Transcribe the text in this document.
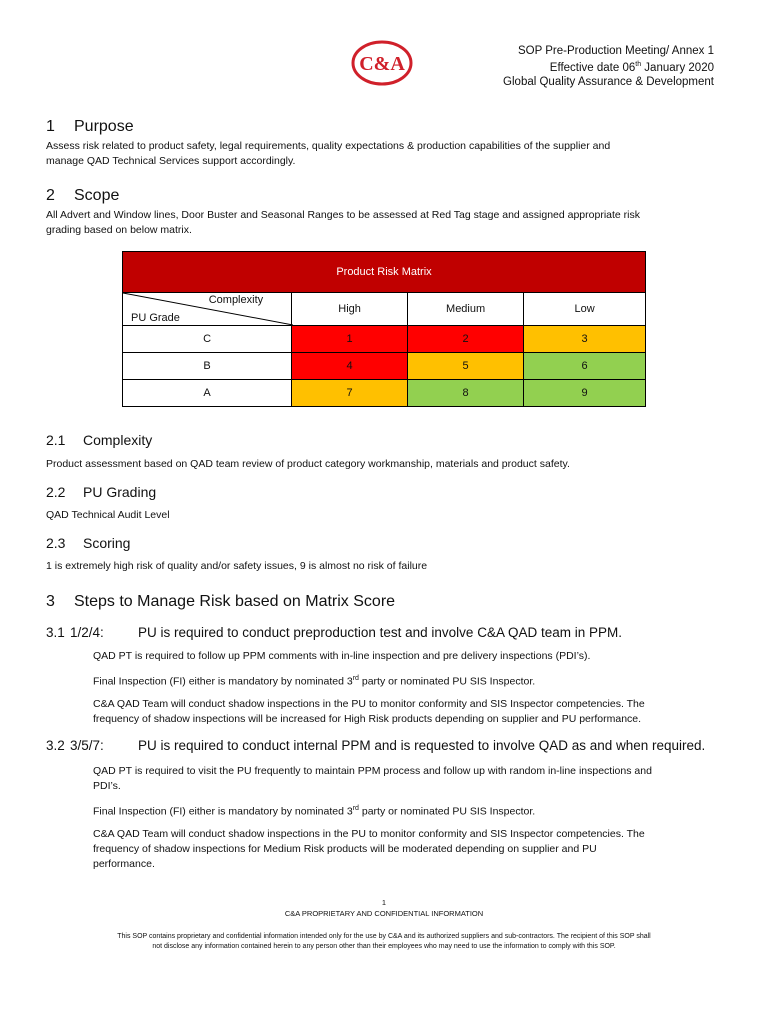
C&A
SOP Pre-Production Meeting/ Annex 1
Effective date 06th January 2020
Global Quality Assurance & Development
1 Purpose
Assess risk related to product safety, legal requirements, quality expectations & production capabilities of the supplier and
manage QAD Technical Services support accordingly.
2 Scope
All Advert and Window lines, Door Buster and Seasonal Ranges to be assessed at Red Tag stage and assigned appropriate risk
grading based on below matrix.
Product Risk Matrix			

Complexity
PU Grade	High	Medium	Low
C	1	2	3
B	4	5	6
A	7	8	9
2.1 Complexity
Product assessment based on QAD team review of product category workmanship, materials and product safety.
2.2 PU Grading
QAD Technical Audit Level
2.3 Scoring
1 is extremely high risk of quality and/or safety issues, 9 is almost no risk of failure
3 Steps to Manage Risk based on Matrix Score
3.1 1/2/4:	PU is required to conduct preproduction test and involve C&A QAD team in PPM.
QAD PT is required to follow up PPM comments with in-line inspection and pre delivery inspections (PDI’s).
Final Inspection (FI) either is mandatory by nominated 3rd party or nominated PU SIS Inspector.
C&A QAD Team will conduct shadow inspections in the PU to monitor conformity and SIS Inspector competencies. The
frequency of shadow inspections will be increased for High Risk products depending on supplier and PU performance.
3.2 3/5/7:	PU is required to conduct internal PPM and is requested to involve QAD as and when required.
QAD PT is required to visit the PU frequently to maintain PPM process and follow up with random in-line inspections and
PDI’s.
Final Inspection (FI) either is mandatory by nominated 3rd party or nominated PU SIS Inspector.
C&A QAD Team will conduct shadow inspections in the PU to monitor conformity and SIS Inspector competencies. The
frequency of shadow inspections for Medium Risk products will be moderated depending on supplier and PU
performance.
1
C&A PROPRIETARY AND CONFIDENTIAL INFORMATION
This SOP contains proprietary and confidential information intended only for the use by C&A and its authorized suppliers and sub-contractors. The recipient of this SOP shall
not disclose any information contained herein to any person other than their employees who may need to use the information to comply with this SOP.
